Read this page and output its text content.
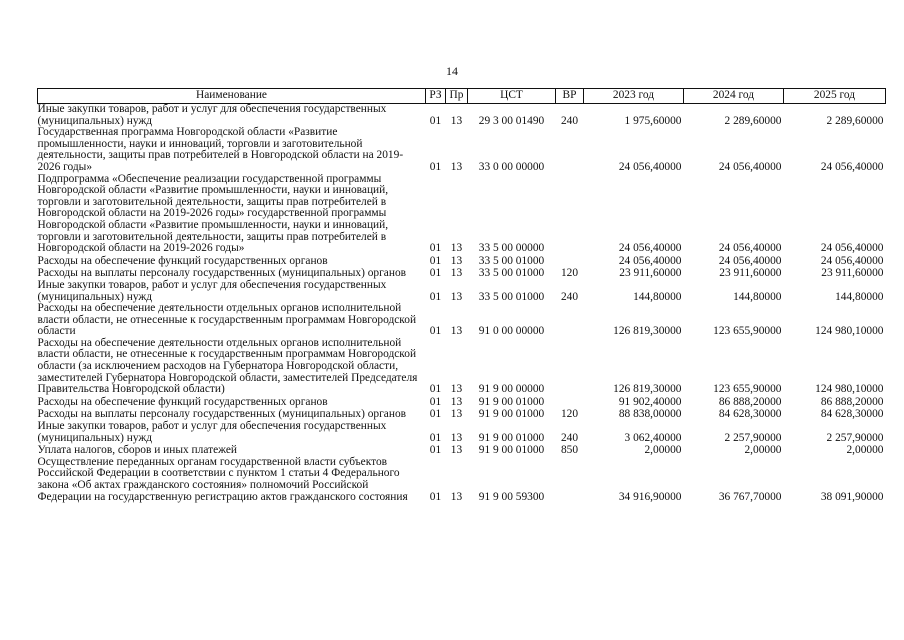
14
Наименование	РЗ	Пр	ЦСТ	ВР	2023 год	2024 год	2025 год
Иные закупки товаров, работ и услуг для обеспечения государственных (муниципальных) нужд	01	13	29 3 00 01490	240	1 975,60000	2 289,60000	2 289,60000
Государственная программа Новгородской области «Развитие промышленности, науки и инноваций, торговли и заготовительной деятельности, защиты прав потребителей в Новгородской области на 2019-2026 годы»	01	13	33 0 00 00000		24 056,40000	24 056,40000	24 056,40000
Подпрограмма «Обеспечение реализации государственной программы Новгородской области «Развитие промышленности, науки и инноваций, торговли и заготовительной деятельности, защиты прав потребителей в Новгородской области на 2019-2026 годы» государственной программы Новгородской области «Развитие промышленности, науки и инноваций, торговли и заготовительной деятельности, защиты прав потребителей в Новгородской области на 2019-2026 годы»	01	13	33 5 00 00000		24 056,40000	24 056,40000	24 056,40000
Расходы на обеспечение функций государственных органов	01	13	33 5 00 01000		24 056,40000	24 056,40000	24 056,40000
Расходы на выплаты персоналу государственных (муниципальных) органов	01	13	33 5 00 01000	120	23 911,60000	23 911,60000	23 911,60000
Иные закупки товаров, работ и услуг для обеспечения государственных (муниципальных) нужд	01	13	33 5 00 01000	240	144,80000	144,80000	144,80000
Расходы на обеспечение деятельности отдельных органов исполнительной власти области, не отнесенные к государственным программам Новгородской области	01	13	91 0 00 00000		126 819,30000	123 655,90000	124 980,10000
Расходы на обеспечение деятельности отдельных органов исполнительной власти области, не отнесенные к государственным программам Новгородской области (за исключением расходов на Губернатора Новгородской области, заместителей Губернатора Новгородской области, заместителей Председателя Правительства Новгородской области)	01	13	91 9 00 00000		126 819,30000	123 655,90000	124 980,10000
Расходы на обеспечение функций государственных органов	01	13	91 9 00 01000		91 902,40000	86 888,20000	86 888,20000
Расходы на выплаты персоналу государственных (муниципальных) органов	01	13	91 9 00 01000	120	88 838,00000	84 628,30000	84 628,30000
Иные закупки товаров, работ и услуг для обеспечения государственных (муниципальных) нужд	01	13	91 9 00 01000	240	3 062,40000	2 257,90000	2 257,90000
Уплата налогов, сборов и иных платежей	01	13	91 9 00 01000	850	2,00000	2,00000	2,00000
Осуществление переданных органам государственной власти субъектов Российской Федерации в соответствии с пунктом 1 статьи 4 Федерального закона «Об актах гражданского состояния» полномочий Российской Федерации на государственную регистрацию актов гражданского состояния	01	13	91 9 00 59300		34 916,90000	36 767,70000	38 091,90000
